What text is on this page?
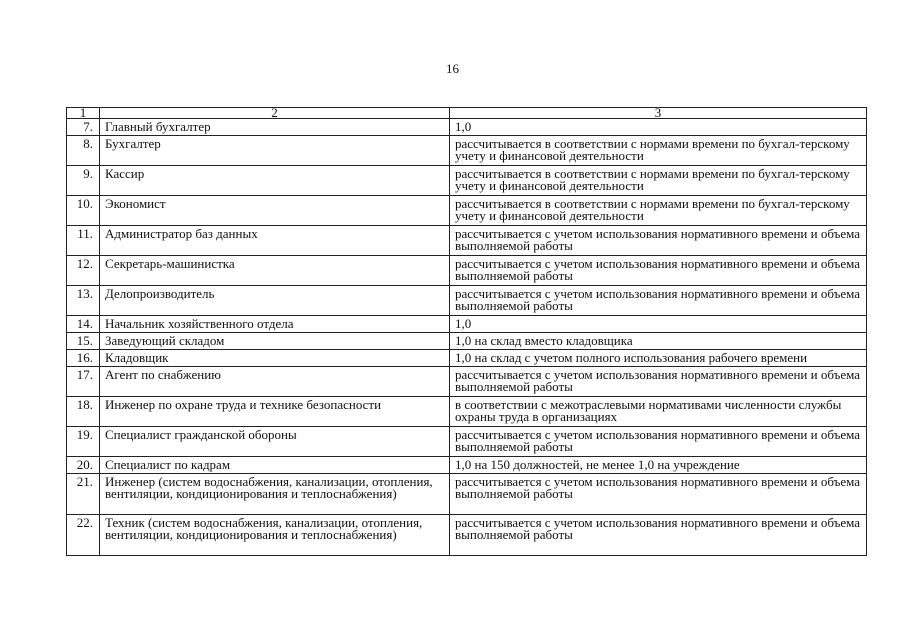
16
1	2	3
7.	Главный бухгалтер	1,0
8.	Бухгалтер	рассчитывается в соответствии с нормами времени по бухгал-терскому учету и финансовой деятельности
9.	Кассир	рассчитывается в соответствии с нормами времени по бухгал-терскому учету и финансовой деятельности
10.	Экономист	рассчитывается в соответствии с нормами времени по бухгал-терскому учету и финансовой деятельности
11.	Администратор баз данных	рассчитывается с учетом использования нормативного времени и объема выполняемой работы
12.	Секретарь-машинистка	рассчитывается с учетом использования нормативного времени и объема выполняемой работы
13.	Делопроизводитель	рассчитывается с учетом использования нормативного времени и объема выполняемой работы
14.	Начальник хозяйственного отдела	1,0
15.	Заведующий складом	1,0 на склад вместо кладовщика
16.	Кладовщик	1,0 на склад с учетом полного использования рабочего времени
17.	Агент по снабжению	рассчитывается с учетом использования нормативного времени и объема выполняемой работы
18.	Инженер по охране труда и технике безопасности	в соответствии с межотраслевыми нормативами численности службы охраны труда в организациях
19.	Специалист гражданской обороны	рассчитывается с учетом использования нормативного времени и объема выполняемой работы
20.	Специалист по кадрам	1,0 на 150 должностей, не менее 1,0 на учреждение
21.	Инженер (систем водоснабжения, канализации, отопления, вентиляции, кондиционирования и теплоснабжения)	рассчитывается с учетом использования нормативного времени и объема выполняемой работы
22.	Техник (систем водоснабжения, канализации, отопления, вентиляции, кондиционирования и теплоснабжения)	рассчитывается с учетом использования нормативного времени и объема выполняемой работы
